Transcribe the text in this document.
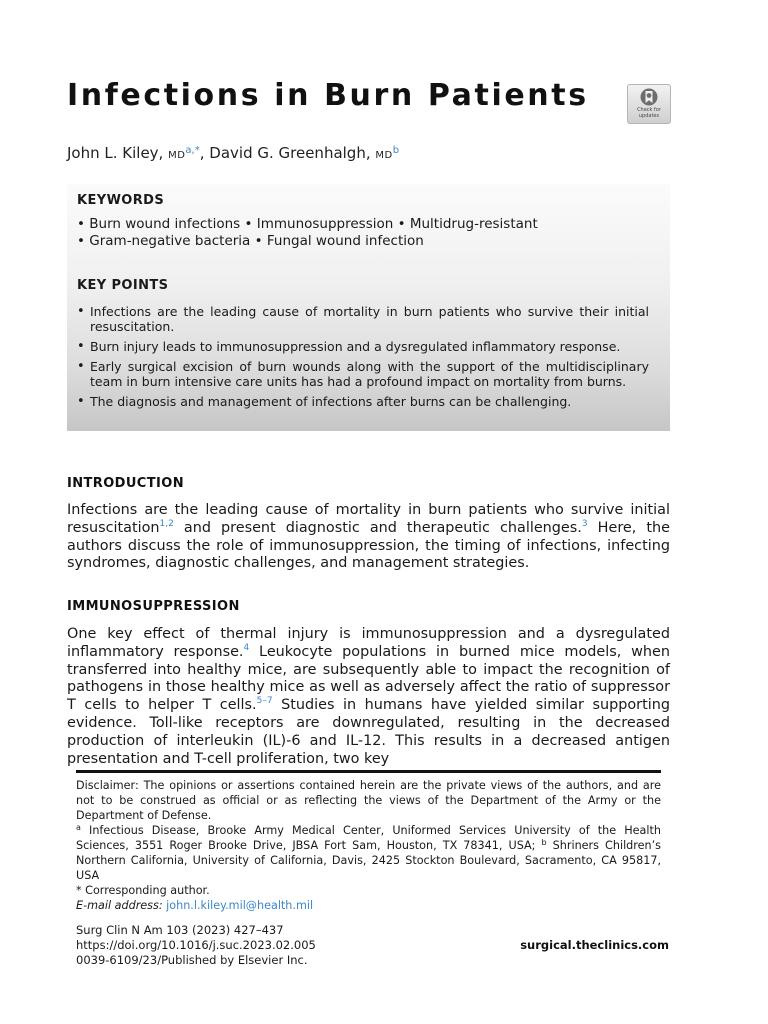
Infections in Burn Patients	Check for
updates
John L. Kiley, $MD^{a,*}$, David G. Greenhalgh, $MD^b$
KEYWORDS
• Burn wound infections • Immunosuppression • Multidrug-resistant
• Gram-negative bacteria • Fungal wound infection
KEY POINTS
• Infections are the leading cause of mortality in burn patients who survive their initial resuscitation.
• Burn injury leads to immunosuppression and a dysregulated inflammatory response.
• Early surgical excision of burn wounds along with the support of the multidisciplinary team in burn intensive care units has had a profound impact on mortality from burns.
• The diagnosis and management of infections after burns can be challenging.
INTRODUCTION

Infections are the leading cause of mortality in burn patients who survive initial resuscitation$^{1,2}$ and present diagnostic and therapeutic challenges.$^3$ Here, the authors discuss the role of immunosuppression, the timing of infections, infecting syndromes, diagnostic challenges, and management strategies.

IMMUNOSUPPRESSION

One key effect of thermal injury is immunosuppression and a dysregulated inflammatory response.$^4$ Leukocyte populations in burned mice models, when transferred into healthy mice, are subsequently able to impact the recognition of pathogens in those healthy mice as well as adversely affect the ratio of suppressor T cells to helper T cells.$^{5-7}$ Studies in humans have yielded similar supporting evidence. Toll-like receptors are downregulated, resulting in the decreased production of interleukin (IL)-6 and IL-12. This results in a decreased antigen presentation and T-cell proliferation, two key

Disclaimer: The opinions or assertions contained herein are the private views of the authors, and are not to be construed as official or as reflecting the views of the Department of the Army or the Department of Defense.

$^a$ Infectious Disease, Brooke Army Medical Center, Uniformed Services University of the Health Sciences, 3551 Roger Brooke Drive, JBSA Fort Sam, Houston, TX 78341, USA; $^b$ Shriners Children’s Northern California, University of California, Davis, 2425 Stockton Boulevard, Sacramento, CA 95817, USA

* Corresponding author.

E-mail address: john.l.kiley.mil@health.mil

Surg Clin N Am 103 (2023) 427–437
https://doi.org/10.1016/j.suc.2023.02.005
0039-6109/23/Published by Elsevier Inc.
surgical.theclinics.com
